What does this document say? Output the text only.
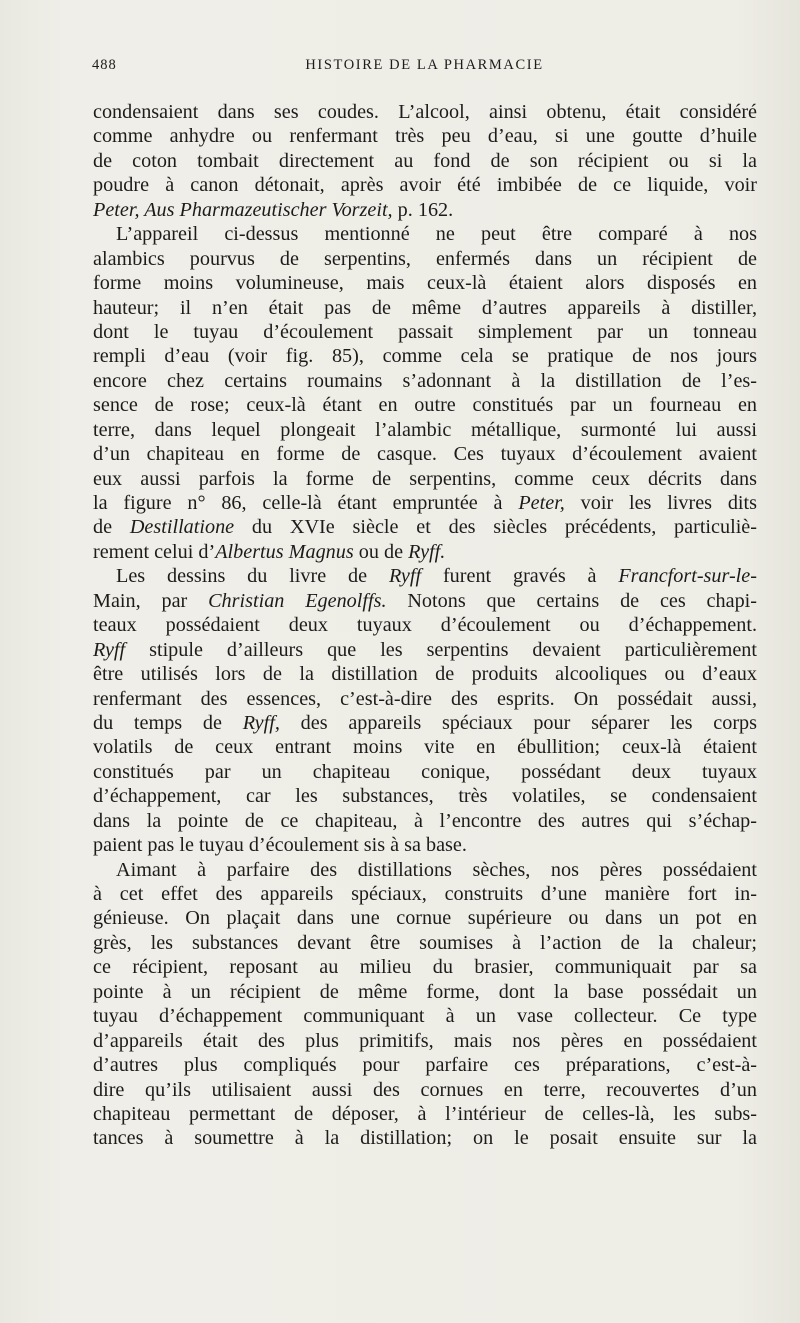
488	HISTOIRE DE LA PHARMACIE
condensaient dans ses coudes. L’alcool, ainsi obtenu, était considéré
comme anhydre ou renfermant très peu d’eau, si une goutte d’huile
de coton tombait directement au fond de son récipient ou si la
poudre à canon détonait, après avoir été imbibée de ce liquide, voir
Peter, Aus Pharmazeutischer Vorzeit, p. 162.
L’appareil ci-dessus mentionné ne peut être comparé à nos
alambics pourvus de serpentins, enfermés dans un récipient de
forme moins volumineuse, mais ceux-là étaient alors disposés en
hauteur; il n’en était pas de même d’autres appareils à distiller,
dont le tuyau d’écoulement passait simplement par un tonneau
rempli d’eau (voir fig. 85), comme cela se pratique de nos jours
encore chez certains roumains s’adonnant à la distillation de l’es-
sence de rose; ceux-là étant en outre constitués par un fourneau en
terre, dans lequel plongeait l’alambic métallique, surmonté lui aussi
d’un chapiteau en forme de casque. Ces tuyaux d’écoulement avaient
eux aussi parfois la forme de serpentins, comme ceux décrits dans
la figure n° 86, celle-là étant empruntée à Peter, voir les livres dits
de Destillatione du XVIe siècle et des siècles précédents, particuliè-
rement celui d’Albertus Magnus ou de Ryff.
Les dessins du livre de Ryff furent gravés à Francfort-sur-le-
Main, par Christian Egenolffs. Notons que certains de ces chapi-
teaux possédaient deux tuyaux d’écoulement ou d’échappement.
Ryff stipule d’ailleurs que les serpentins devaient particulièrement
être utilisés lors de la distillation de produits alcooliques ou d’eaux
renfermant des essences, c’est-à-dire des esprits. On possédait aussi,
du temps de Ryff, des appareils spéciaux pour séparer les corps
volatils de ceux entrant moins vite en ébullition; ceux-là étaient
constitués par un chapiteau conique, possédant deux tuyaux
d’échappement, car les substances, très volatiles, se condensaient
dans la pointe de ce chapiteau, à l’encontre des autres qui s’échap-
paient pas le tuyau d’écoulement sis à sa base.
Aimant à parfaire des distillations sèches, nos pères possédaient
à cet effet des appareils spéciaux, construits d’une manière fort in-
génieuse. On plaçait dans une cornue supérieure ou dans un pot en
grès, les substances devant être soumises à l’action de la chaleur;
ce récipient, reposant au milieu du brasier, communiquait par sa
pointe à un récipient de même forme, dont la base possédait un
tuyau d’échappement communiquant à un vase collecteur. Ce type
d’appareils était des plus primitifs, mais nos pères en possédaient
d’autres plus compliqués pour parfaire ces préparations, c’est-à-
dire qu’ils utilisaient aussi des cornues en terre, recouvertes d’un
chapiteau permettant de déposer, à l’intérieur de celles-là, les subs-
tances à soumettre à la distillation; on le posait ensuite sur la
